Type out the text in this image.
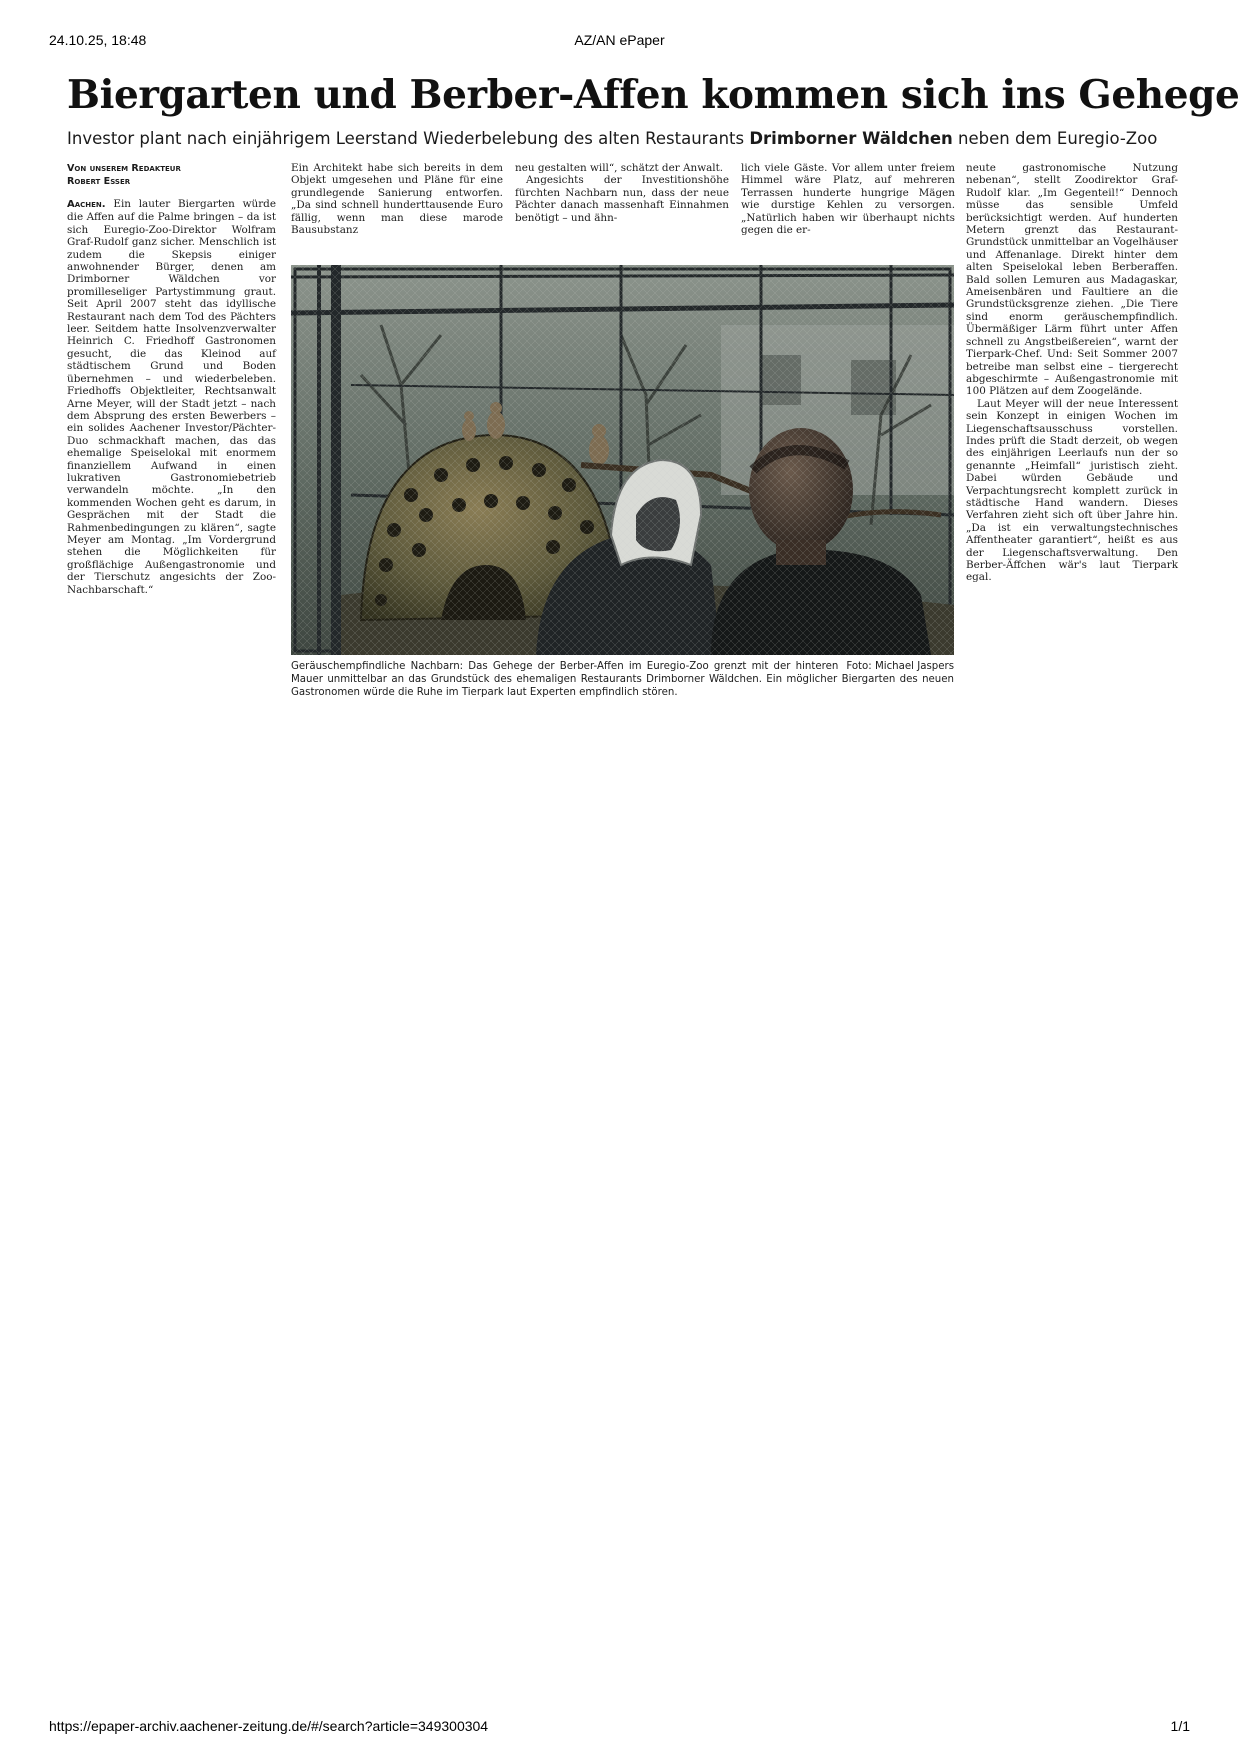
24.10.25, 18:48	AZ/AN ePaper
Biergarten und Berber-Affen kommen sich ins Gehege
Investor plant nach einjährigem Leerstand Wiederbelebung des alten Restaurants Drimborner Wäldchen neben dem Euregio-Zoo
Von unserem Redakteur
Robert Esser

Aachen. Ein lauter Biergarten würde die Affen auf die Palme bringen – da ist sich Euregio-Zoo-Direktor Wolfram Graf-Rudolf ganz sicher. Menschlich ist zudem die Skepsis einiger anwohnender Bürger, denen am Drimborner Wäldchen vor promilleseliger Partystimmung graut. Seit April 2007 steht das idyllische Restaurant nach dem Tod des Pächters leer. Seitdem hatte Insolvenzverwalter Heinrich C. Friedhoff Gastronomen gesucht, die das Kleinod auf städtischem Grund und Boden übernehmen – und wiederbeleben. Friedhoffs Objektleiter, Rechtsanwalt Arne Meyer, will der Stadt jetzt – nach dem Absprung des ersten Bewerbers – ein solides Aachener Investor/Pächter-Duo schmackhaft machen, das das ehemalige Speiselokal mit enormem finanziellem Aufwand in einen lukrativen Gastronomiebetrieb verwandeln möchte. „In den kommenden Wochen geht es darum, in Gesprächen mit der Stadt die Rahmenbedingungen zu klären“, sagte Meyer am Montag. „Im Vordergrund stehen die Möglichkeiten für großflächige Außengastronomie und der Tierschutz angesichts der Zoo-Nachbarschaft.“

Ein Architekt habe sich bereits in dem Objekt umgesehen und Pläne für eine grundlegende Sanierung entworfen. „Da sind schnell hunderttausende Euro fällig, wenn man diese marode Bausubstanz

neu gestalten will“, schätzt der Anwalt.

Angesichts der Investitionshöhe fürchten Nachbarn nun, dass der neue Pächter danach massenhaft Einnahmen benötigt – und ähn-

lich viele Gäste. Vor allem unter freiem Himmel wäre Platz, auf mehreren Terrassen hunderte hungrige Mägen wie durstige Kehlen zu versorgen. „Natürlich haben wir überhaupt nichts gegen die er-

neute gastronomische Nutzung nebenan“, stellt Zoodirektor Graf-Rudolf klar. „Im Gegenteil!“ Dennoch müsse das sensible Umfeld berücksichtigt werden. Auf hunderten Metern grenzt das Restaurant-Grundstück unmittelbar an Vogelhäuser und Affenanlage. Direkt hinter dem alten Speiselokal leben Berberaffen. Bald sollen Lemuren aus Madagaskar, Ameisenbären und Faultiere an die Grundstücksgrenze ziehen. „Die Tiere sind enorm geräuschempfindlich. Übermäßiger Lärm führt unter Affen schnell zu Angstbeißereien“, warnt der Tierpark-Chef. Und: Seit Sommer 2007 betreibe man selbst eine – tiergerecht abgeschirmte – Außengastronomie mit 100 Plätzen auf dem Zoogelände.

Laut Meyer will der neue Interessent sein Konzept in einigen Wochen im Liegenschaftsausschuss vorstellen. Indes prüft die Stadt derzeit, ob wegen des einjährigen Leerlaufs nun der so genannte „Heimfall“ juristisch zieht. Dabei würden Gebäude und Verpachtungsrecht komplett zurück in städtische Hand wandern. Dieses Verfahren zieht sich oft über Jahre hin. „Da ist ein verwaltungstechnisches Affentheater garantiert“, heißt es aus der Liegenschaftsverwaltung. Den Berber-Äffchen wär's laut Tierpark egal.

Foto: Michael Jaspers
Geräuschempfindliche Nachbarn: Das Gehege der Berber-Affen im Euregio-Zoo grenzt mit der hinteren Mauer unmittelbar an das Grundstück des ehemaligen Restaurants Drimborner Wäldchen. Ein möglicher Biergarten des neuen Gastronomen würde die Ruhe im Tierpark laut Experten empfindlich stören.
https://epaper-archiv.aachener-zeitung.de/#/search?article=349300304	1/1
